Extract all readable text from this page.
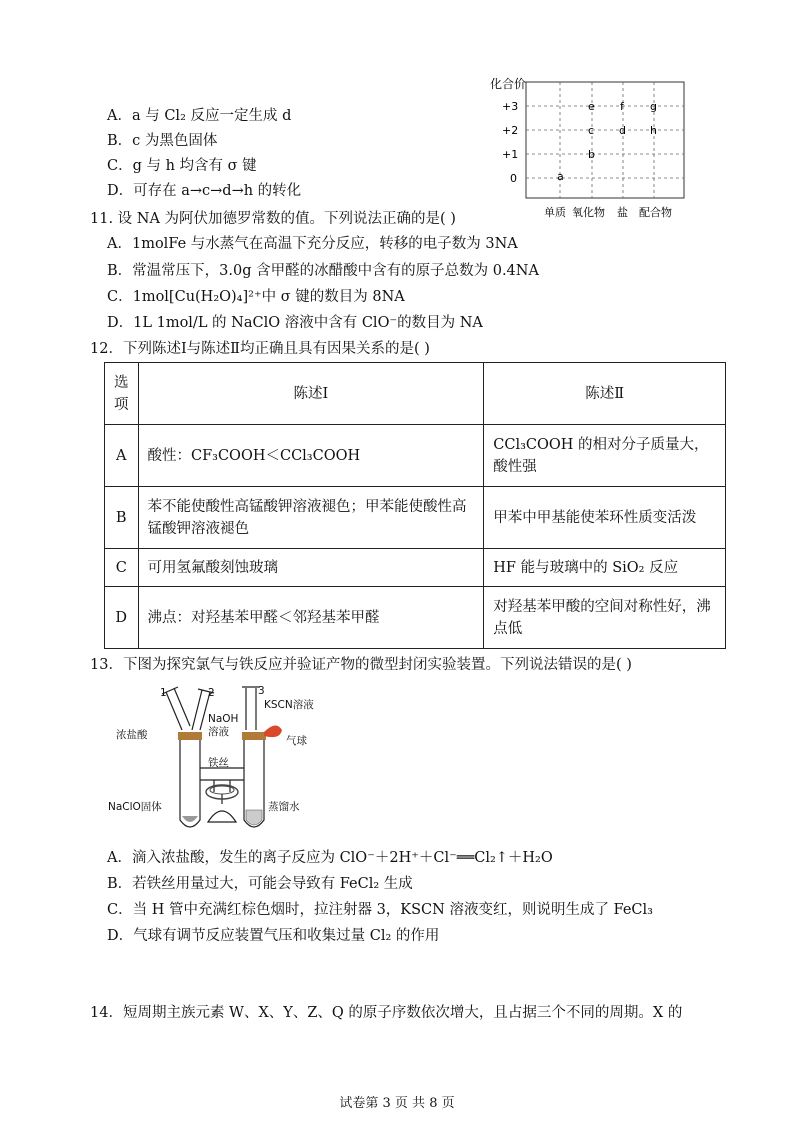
A．a 与 Cl₂ 反应一定生成 d
B．c 为黑色固体
C．g 与 h 均含有 σ 键
D．可存在 a→c→d→h 的转化
化合价
+3
+2
+1
0
单质 氧化物 盐 配合物
a
b
c
e
d
f g
h
11. 设 NA 为阿伏加德罗常数的值。下列说法正确的是( )
A．1molFe 与水蒸气在高温下充分反应，转移的电子数为 3NA
B．常温常压下，3.0g 含甲醛的冰醋酸中含有的原子总数为 0.4NA
C．1mol[Cu(H₂O)₄]²⁺中 σ 键的数目为 8NA
D．1L 1mol/L 的 NaClO 溶液中含有 ClO⁻的数目为 NA
12．下列陈述Ⅰ与陈述Ⅱ均正确且具有因果关系的是( )
选项	陈述Ⅰ	陈述Ⅱ
A	酸性：CF₃COOH＜CCl₃COOH	CCl₃COOH 的相对分子质量大，酸性强
B	苯不能使酸性高锰酸钾溶液褪色；甲苯能使酸性高锰酸钾溶液褪色	甲苯中甲基能使苯环性质变活泼
C	可用氢氟酸刻蚀玻璃	HF 能与玻璃中的 SiO₂ 反应
D	沸点：对羟基苯甲醛＜邻羟基苯甲醛	对羟基苯甲酸的空间对称性好，沸点低
13．下图为探究氯气与铁反应并验证产物的微型封闭实验装置。下列说法错误的是( )
1	2	3
浓盐酸
NaOH
溶液
KSCN溶液
气球
铁丝
NaClO固体	蒸馏水
A．滴入浓盐酸，发生的离子反应为 ClO⁻＋2H⁺＋Cl⁻══Cl₂↑＋H₂O
B．若铁丝用量过大，可能会导致有 FeCl₂ 生成
C．当 H 管中充满红棕色烟时，拉注射器 3，KSCN 溶液变红，则说明生成了 FeCl₃
D．气球有调节反应装置气压和收集过量 Cl₂ 的作用
14．短周期主族元素 W、X、Y、Z、Q 的原子序数依次增大，且占据三个不同的周期。X 的
试卷第 3 页 共 8 页
